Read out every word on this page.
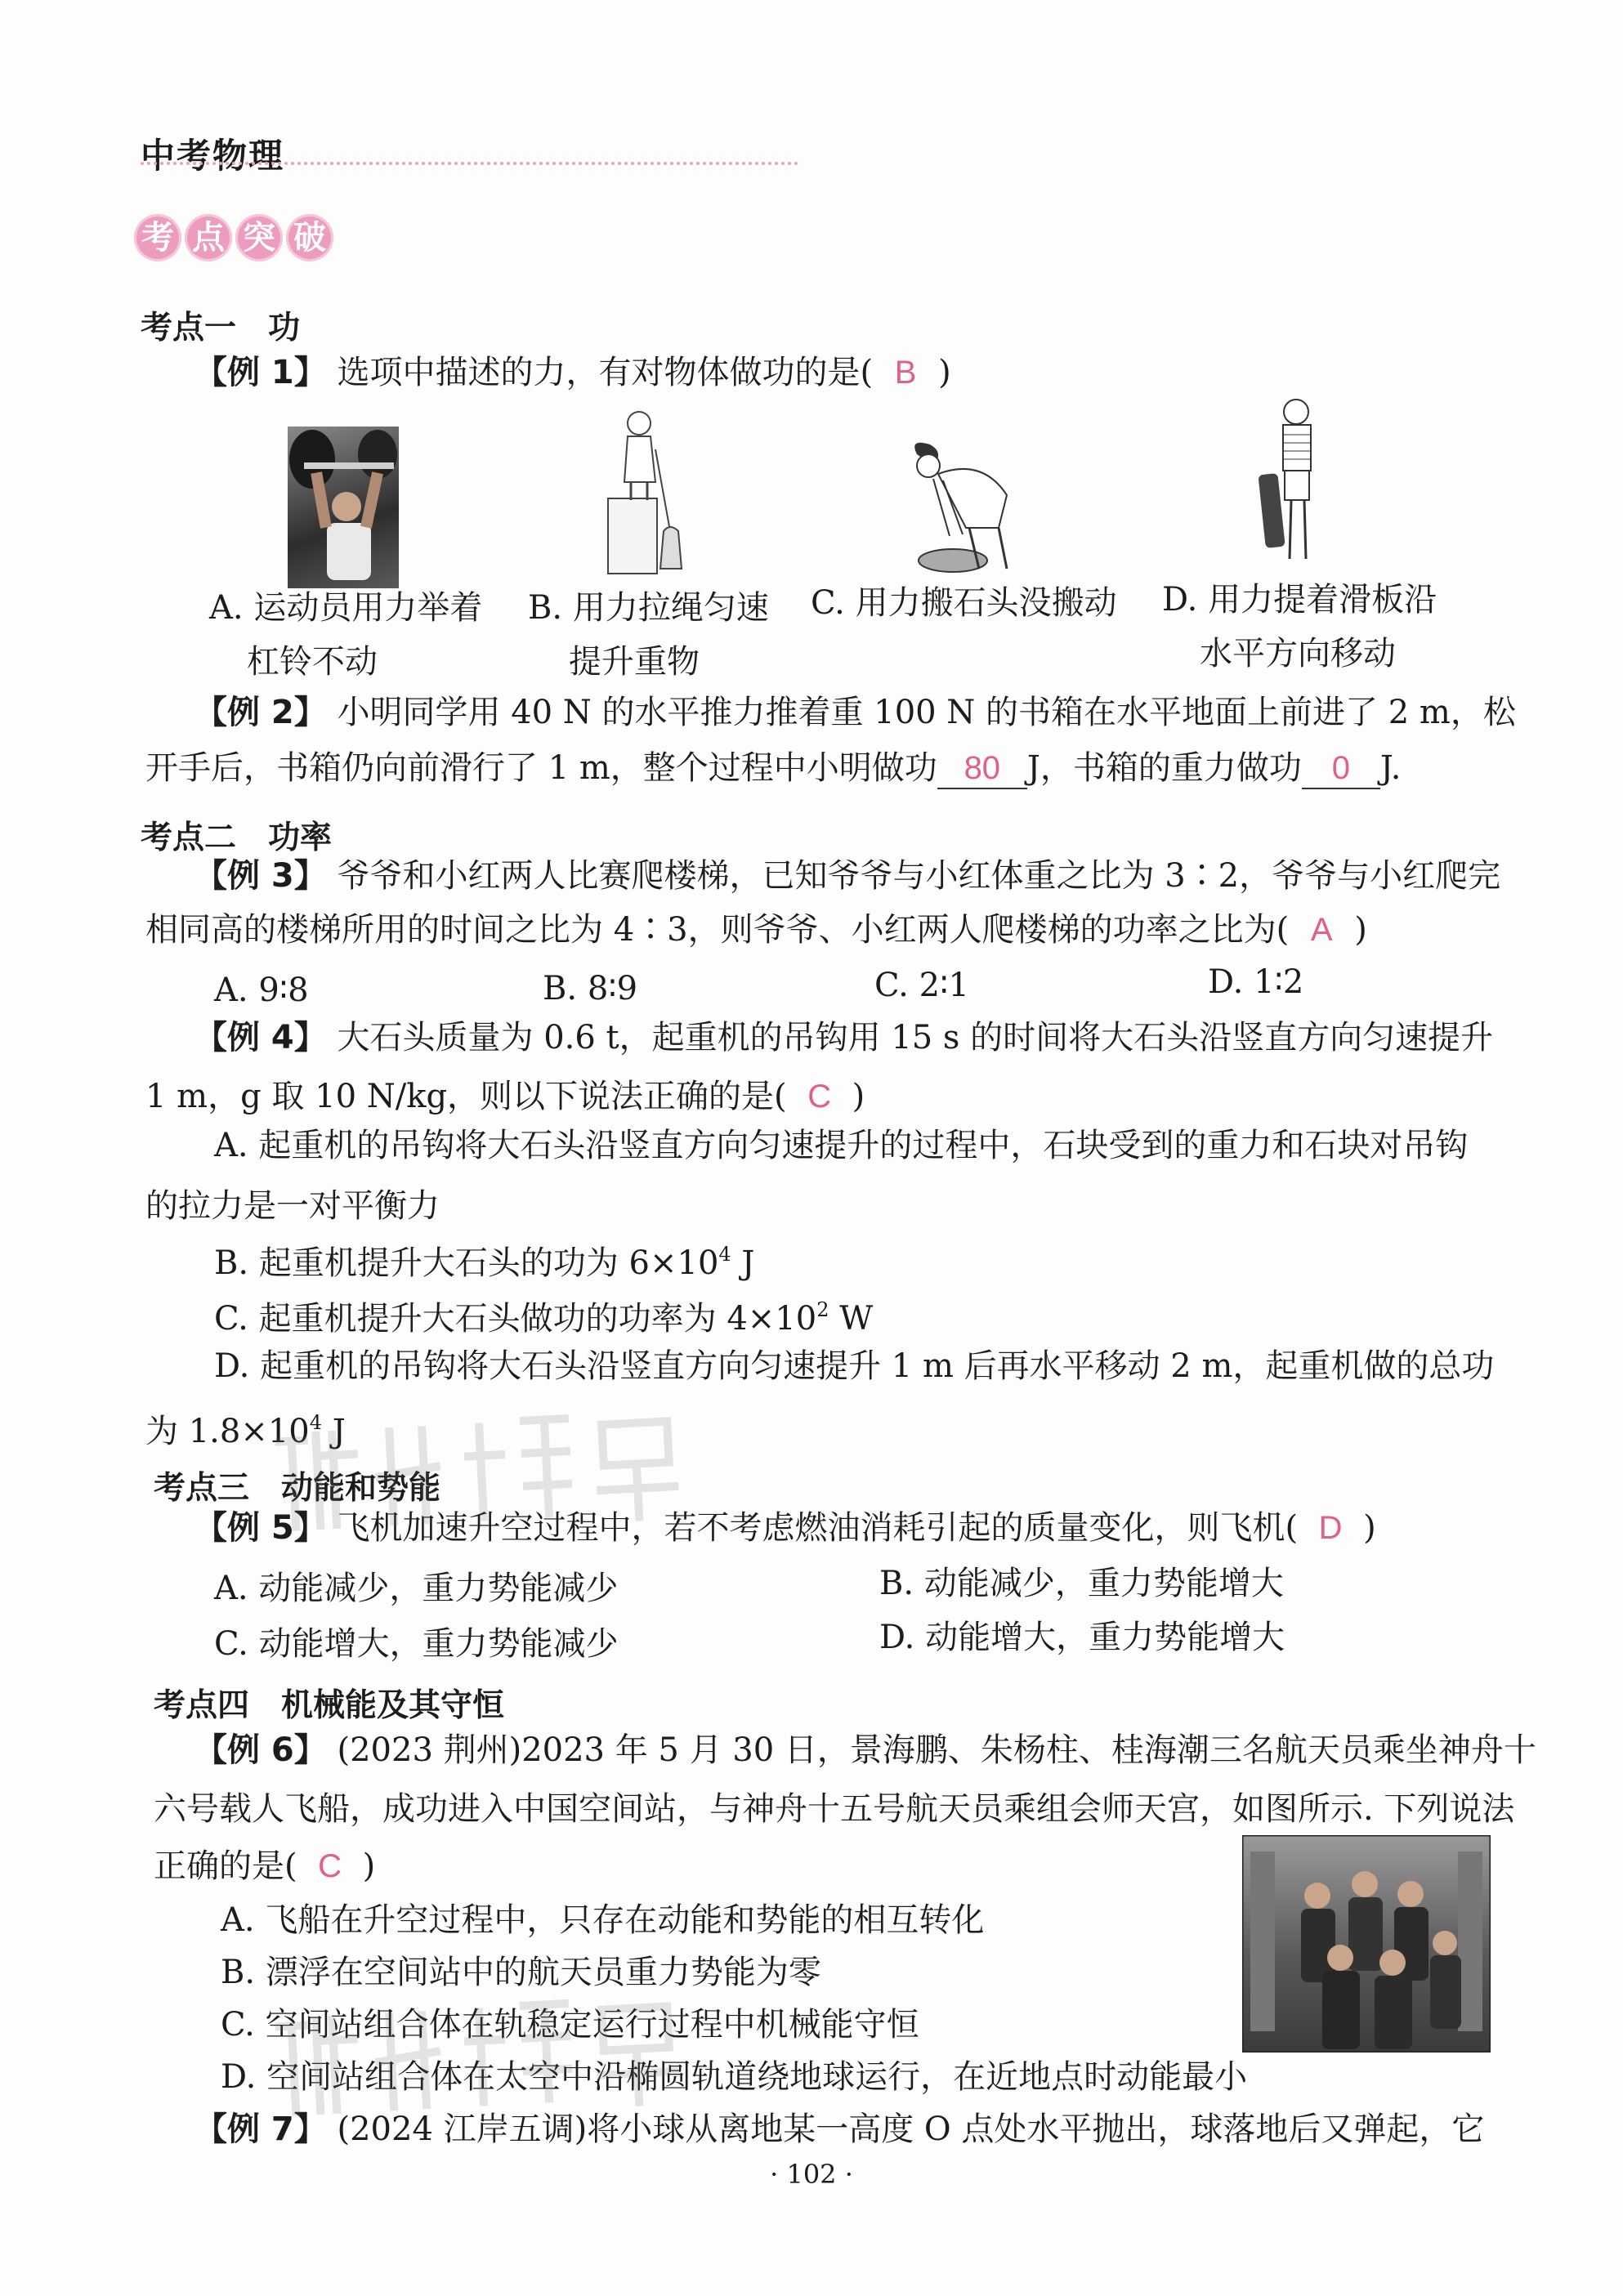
中考物理
考 点 突 破
考点一　功
【例 1】 选项中描述的力，有对物体做功的是( B )
A. 运动员用力举着
杠铃不动
B. 用力拉绳匀速
提升重物
C. 用力搬石头没搬动 D. 用力提着滑板沿
水平方向移动
【例 2】 小明同学用 40 N 的水平推力推着重 100 N 的书箱在水平地面上前进了 2 m，松
开手后，书箱仍向前滑行了 1 m，整个过程中小明做功 80 J，书箱的重力做功 0 J.
考点二　功率
【例 3】 爷爷和小红两人比赛爬楼梯，已知爷爷与小红体重之比为 3∶2，爷爷与小红爬完
相同高的楼梯所用的时间之比为 4∶3，则爷爷、小红两人爬楼梯的功率之比为( A )
A. 9∶8	B. 8∶9	C. 2∶1	D. 1∶2
【例 4】 大石头质量为 0.6 t，起重机的吊钩用 15 s 的时间将大石头沿竖直方向匀速提升
1 m，g 取 10 N/kg，则以下说法正确的是( C )
A. 起重机的吊钩将大石头沿竖直方向匀速提升的过程中，石块受到的重力和石块对吊钩
的拉力是一对平衡力
B. 起重机提升大石头的功为 $6\times 10^4$ J
C. 起重机提升大石头做功的功率为 $4\times 10^2$ W
D. 起重机的吊钩将大石头沿竖直方向匀速提升 1 m 后再水平移动 2 m，起重机做的总功
为 $1.8\times 10^4$ J
考点三　动能和势能
【例 5】 飞机加速升空过程中，若不考虑燃油消耗引起的质量变化，则飞机( D )
A. 动能减少，重力势能减少	B. 动能减少，重力势能增大
C. 动能增大，重力势能减少	D. 动能增大，重力势能增大
考点四　机械能及其守恒
【例 6】 (2023 荆州)2023 年 5 月 30 日，景海鹏、朱杨柱、桂海潮三名航天员乘坐神舟十
六号载人飞船，成功进入中国空间站，与神舟十五号航天员乘组会师天宫，如图所示. 下列说法
正确的是( C )
A. 飞船在升空过程中，只存在动能和势能的相互转化
B. 漂浮在空间站中的航天员重力势能为零
C. 空间站组合体在轨稳定运行过程中机械能守恒
D. 空间站组合体在太空中沿椭圆轨道绕地球运行，在近地点时动能最小
【例 7】 (2024 江岸五调)将小球从离地某一高度 O 点处水平抛出，球落地后又弹起，它
· 102 ·
